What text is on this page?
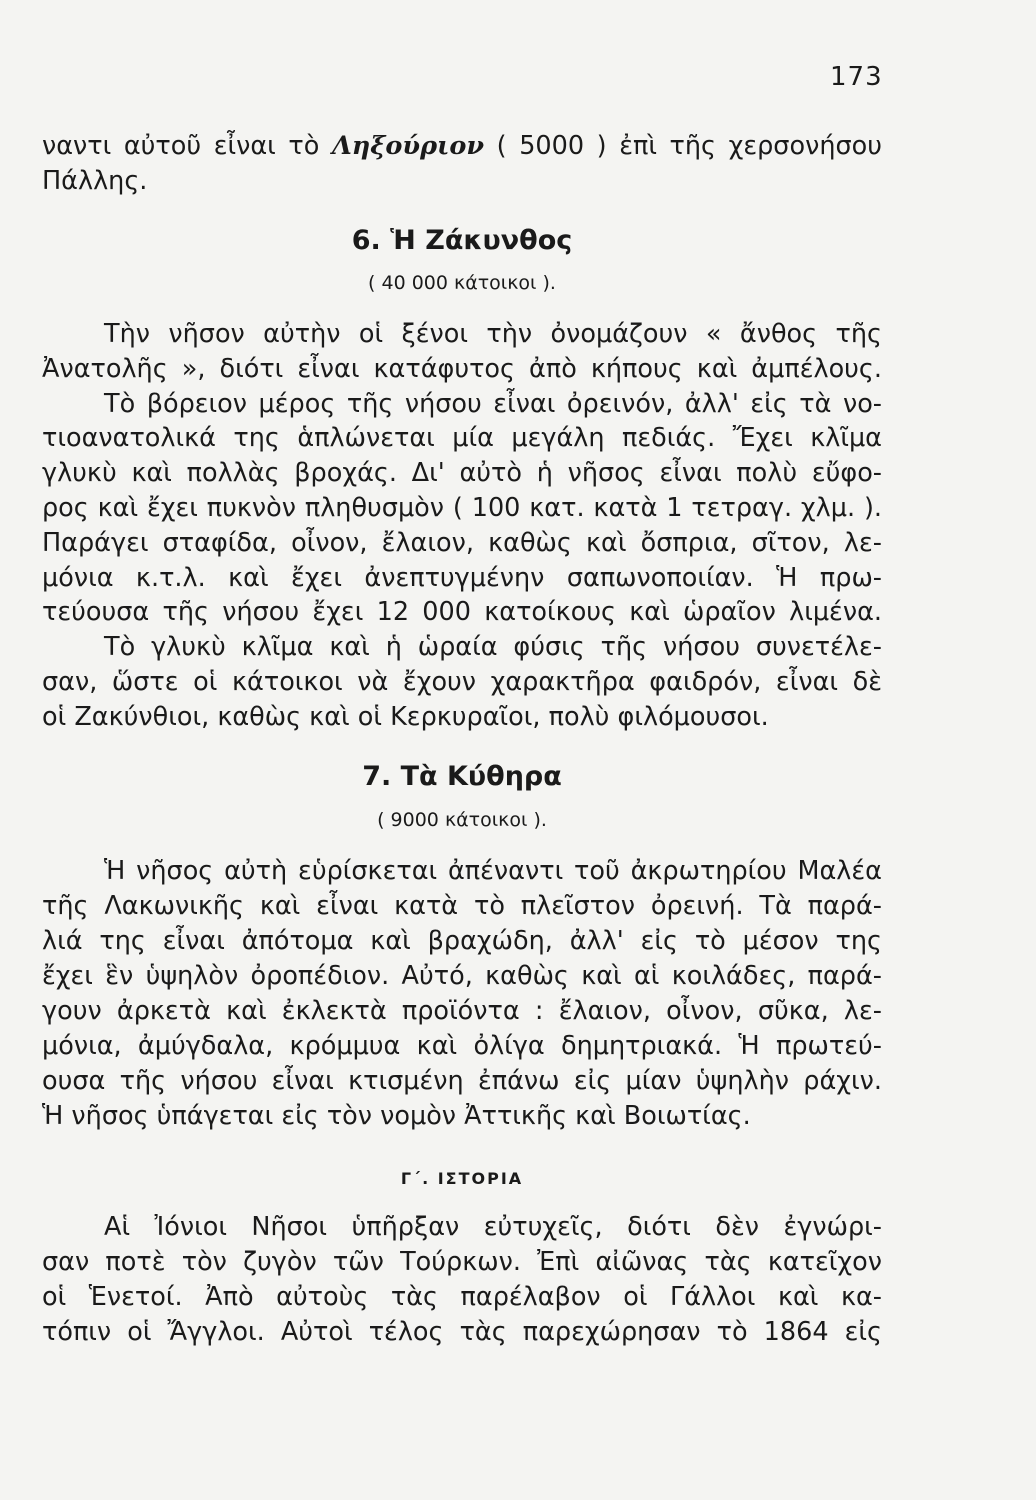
173
ναντι αὐτοῦ εἶναι τὸ Ληξούριον ( 5000 ) ἐπὶ τῆς χερσονήσου
Πάλλης.
6. Ἡ Ζάκυνθος
( 40 000 κάτοικοι ).
Τὴν νῆσον αὐτὴν οἱ ξένοι τὴν ὀνομάζουν « ἄνθος τῆς
Ἀνατολῆς », διότι εἶναι κατάφυτος ἀπὸ κήπους καὶ ἀμπέλους.
Τὸ βόρειον μέρος τῆς νήσου εἶναι ὀρεινόν, ἀλλ' εἰς τὰ νο-
τιοανατολικά της ἁπλώνεται μία μεγάλη πεδιάς. Ἔχει κλῖμα
γλυκὺ καὶ πολλὰς βροχάς. Δι' αὐτὸ ἡ νῆσος εἶναι πολὺ εὔφο-
ρος καὶ ἔχει πυκνὸν πληθυσμὸν ( 100 κατ. κατὰ 1 τετραγ. χλμ. ).
Παράγει σταφίδα, οἶνον, ἔλαιον, καθὼς καὶ ὄσπρια, σῖτον, λε-
μόνια κ.τ.λ. καὶ ἔχει ἀνεπτυγμένην σαπωνοποιίαν. Ἡ πρω-
τεύουσα τῆς νήσου ἔχει 12 000 κατοίκους καὶ ὡραῖον λιμένα.
Τὸ γλυκὺ κλῖμα καὶ ἡ ὡραία φύσις τῆς νήσου συνετέλε-
σαν, ὥστε οἱ κάτοικοι νὰ ἔχουν χαρακτῆρα φαιδρόν, εἶναι δὲ
οἱ Ζακύνθιοι, καθὼς καὶ οἱ Κερκυραῖοι, πολὺ φιλόμουσοι.
7. Τὰ Κύθηρα
( 9000 κάτοικοι ).
Ἡ νῆσος αὐτὴ εὑρίσκεται ἀπέναντι τοῦ ἀκρωτηρίου Μαλέα
τῆς Λακωνικῆς καὶ εἶναι κατὰ τὸ πλεῖστον ὀρεινή. Τὰ παρά-
λιά της εἶναι ἀπότομα καὶ βραχώδη, ἀλλ' εἰς τὸ μέσον της
ἔχει ἓν ὑψηλὸν ὀροπέδιον. Αὐτό, καθὼς καὶ αἱ κοιλάδες, παρά-
γουν ἀρκετὰ καὶ ἐκλεκτὰ προϊόντα : ἔλαιον, οἶνον, σῦκα, λε-
μόνια, ἀμύγδαλα, κρόμμυα καὶ ὀλίγα δημητριακά. Ἡ πρωτεύ-
ουσα τῆς νήσου εἶναι κτισμένη ἐπάνω εἰς μίαν ὑψηλὴν ράχιν.
Ἡ νῆσος ὑπάγεται εἰς τὸν νομὸν Ἀττικῆς καὶ Βοιωτίας.
Γ΄. ΙΣΤΟΡΙΑ
Αἱ Ἰόνιοι Νῆσοι ὑπῆρξαν εὐτυχεῖς, διότι δὲν ἐγνώρι-
σαν ποτὲ τὸν ζυγὸν τῶν Τούρκων. Ἐπὶ αἰῶνας τὰς κατεῖχον
οἱ Ἑνετοί. Ἀπὸ αὐτοὺς τὰς παρέλαβον οἱ Γάλλοι καὶ κα-
τόπιν οἱ Ἄγγλοι. Αὐτοὶ τέλος τὰς παρεχώρησαν τὸ 1864 εἰς
